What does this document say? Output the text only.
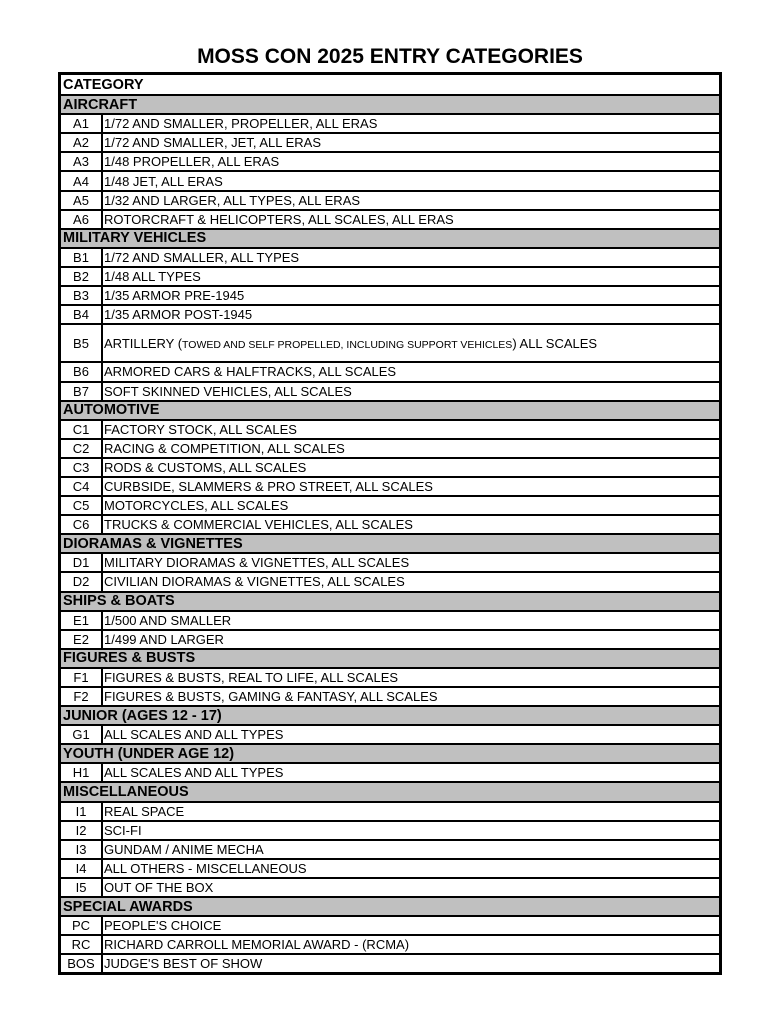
MOSS CON 2025 ENTRY CATEGORIES
CATEGORY
AIRCRAFT
A1	1/72 AND SMALLER, PROPELLER, ALL ERAS
A2	1/72 AND SMALLER, JET, ALL ERAS
A3	1/48 PROPELLER, ALL ERAS
A4	1/48 JET, ALL ERAS
A5	1/32 AND LARGER, ALL TYPES, ALL ERAS
A6	ROTORCRAFT & HELICOPTERS, ALL SCALES, ALL ERAS
MILITARY VEHICLES
B1	1/72 AND SMALLER, ALL TYPES
B2	1/48 ALL TYPES
B3	1/35 ARMOR PRE-1945
B4	1/35 ARMOR POST-1945
B5	ARTILLERY (TOWED AND SELF PROPELLED, INCLUDING SUPPORT VEHICLES) ALL SCALES
B6	ARMORED CARS & HALFTRACKS, ALL SCALES
B7	SOFT SKINNED VEHICLES, ALL SCALES
AUTOMOTIVE
C1	FACTORY STOCK, ALL SCALES
C2	RACING & COMPETITION, ALL SCALES
C3	RODS & CUSTOMS, ALL SCALES
C4	CURBSIDE, SLAMMERS & PRO STREET, ALL SCALES
C5	MOTORCYCLES, ALL SCALES
C6	TRUCKS & COMMERCIAL VEHICLES, ALL SCALES
DIORAMAS & VIGNETTES
D1	MILITARY DIORAMAS & VIGNETTES, ALL SCALES
D2	CIVILIAN DIORAMAS & VIGNETTES, ALL SCALES
SHIPS & BOATS
E1	1/500 AND SMALLER
E2	1/499 AND LARGER
FIGURES & BUSTS
F1	FIGURES & BUSTS, REAL TO LIFE, ALL SCALES
F2	FIGURES & BUSTS, GAMING & FANTASY, ALL SCALES
JUNIOR (AGES 12 - 17)
G1	ALL SCALES AND ALL TYPES
YOUTH (UNDER AGE 12)
H1	ALL SCALES AND ALL TYPES
MISCELLANEOUS
I1	REAL SPACE
I2	SCI-FI
I3	GUNDAM / ANIME MECHA
I4	ALL OTHERS - MISCELLANEOUS
I5	OUT OF THE BOX
SPECIAL AWARDS
PC	PEOPLE'S CHOICE
RC	RICHARD CARROLL MEMORIAL AWARD - (RCMA)
BOS JUDGE'S BEST OF SHOW
